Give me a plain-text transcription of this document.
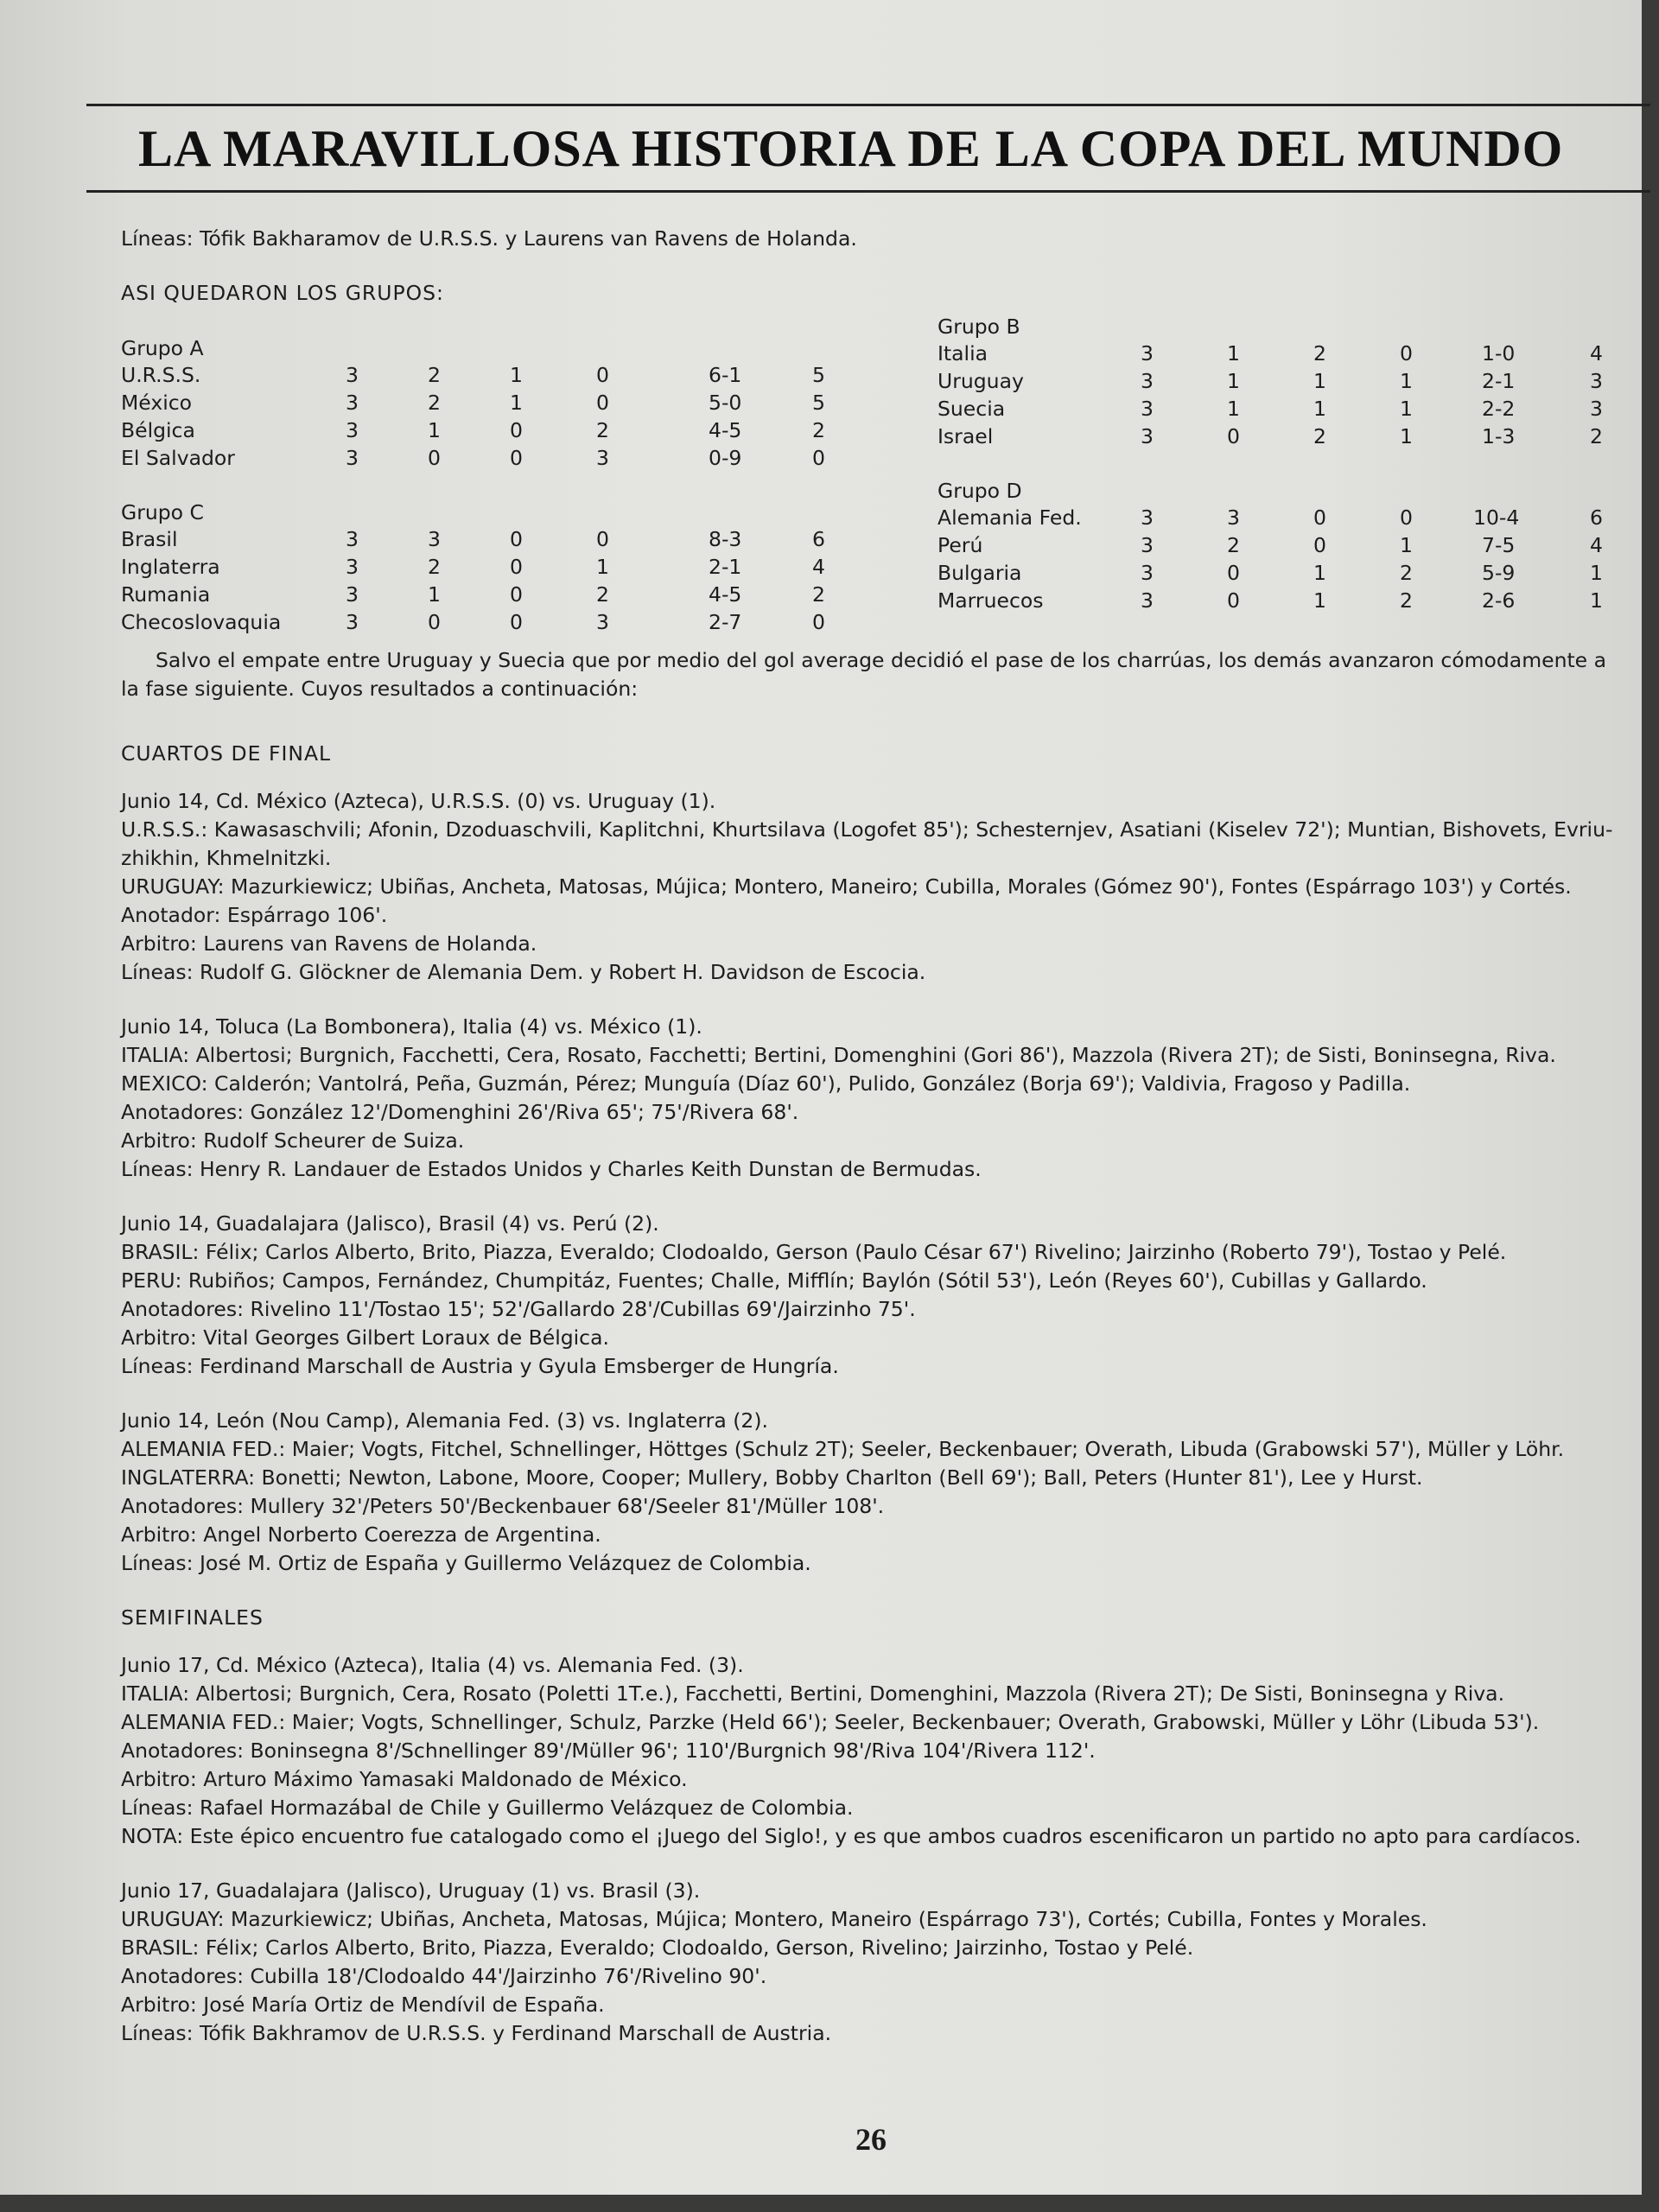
LA MARAVILLOSA HISTORIA DE LA COPA DEL MUNDO

Líneas: Tófik Bakharamov de U.R.S.S. y Laurens van Ravens de Holanda.

ASI QUEDARON LOS GRUPOS:

Grupo A
U.R.S.S.	3	2	1	0	6-1	5
México	3	2	1	0	5-0	5
Bélgica	3	1	0	2	4-5	2
El Salvador	3	0	0	3	0-9	0
Grupo B
Italia	3	1	2	0	1-0	4
Uruguay	3	1	1	1	2-1	3
Suecia	3	1	1	1	2-2	3
Israel	3	0	2	1	1-3	2
Grupo C
Brasil	3	3	0	0	8-3	6
Inglaterra	3	2	0	1	2-1	4
Rumania	3	1	0	2	4-5	2
Checoslovaquia	3	0	0	3	2-7	0
Grupo D
Alemania Fed.	3	3	0	0	10-4	6
Perú	3	2	0	1	7-5	4
Bulgaria	3	0	1	2	5-9	1
Marruecos	3	0	1	2	2-6	1

Salvo el empate entre Uruguay y Suecia que por medio del gol average decidió el pase de los charrúas, los demás avanzaron cómodamente a la fase siguiente. Cuyos resultados a continuación:

CUARTOS DE FINAL

Junio 14, Cd. México (Azteca), U.R.S.S. (0) vs. Uruguay (1).

U.R.S.S.: Kawasaschvili; Afonin, Dzoduaschvili, Kaplitchni, Khurtsilava (Logofet 85'); Schesternjev, Asatiani (Kiselev 72'); Muntian, Bishovets, Evriu-

zhikhin, Khmelnitzki.

URUGUAY: Mazurkiewicz; Ubiñas, Ancheta, Matosas, Mújica; Montero, Maneiro; Cubilla, Morales (Gómez 90'), Fontes (Espárrago 103') y Cortés.

Anotador: Espárrago 106'.

Arbitro: Laurens van Ravens de Holanda.

Líneas: Rudolf G. Glöckner de Alemania Dem. y Robert H. Davidson de Escocia.

Junio 14, Toluca (La Bombonera), Italia (4) vs. México (1).

ITALIA: Albertosi; Burgnich, Facchetti, Cera, Rosato, Facchetti; Bertini, Domenghini (Gori 86'), Mazzola (Rivera 2T); de Sisti, Boninsegna, Riva.

MEXICO: Calderón; Vantolrá, Peña, Guzmán, Pérez; Munguía (Díaz 60'), Pulido, González (Borja 69'); Valdivia, Fragoso y Padilla.

Anotadores: González 12'/Domenghini 26'/Riva 65'; 75'/Rivera 68'.

Arbitro: Rudolf Scheurer de Suiza.

Líneas: Henry R. Landauer de Estados Unidos y Charles Keith Dunstan de Bermudas.

Junio 14, Guadalajara (Jalisco), Brasil (4) vs. Perú (2).

BRASIL: Félix; Carlos Alberto, Brito, Piazza, Everaldo; Clodoaldo, Gerson (Paulo César 67') Rivelino; Jairzinho (Roberto 79'), Tostao y Pelé.

PERU: Rubiños; Campos, Fernández, Chumpitáz, Fuentes; Challe, Mifflín; Baylón (Sótil 53'), León (Reyes 60'), Cubillas y Gallardo.

Anotadores: Rivelino 11'/Tostao 15'; 52'/Gallardo 28'/Cubillas 69'/Jairzinho 75'.

Arbitro: Vital Georges Gilbert Loraux de Bélgica.

Líneas: Ferdinand Marschall de Austria y Gyula Emsberger de Hungría.

Junio 14, León (Nou Camp), Alemania Fed. (3) vs. Inglaterra (2).

ALEMANIA FED.: Maier; Vogts, Fitchel, Schnellinger, Höttges (Schulz 2T); Seeler, Beckenbauer; Overath, Libuda (Grabowski 57'), Müller y Löhr.

INGLATERRA: Bonetti; Newton, Labone, Moore, Cooper; Mullery, Bobby Charlton (Bell 69'); Ball, Peters (Hunter 81'), Lee y Hurst.

Anotadores: Mullery 32'/Peters 50'/Beckenbauer 68'/Seeler 81'/Müller 108'.

Arbitro: Angel Norberto Coerezza de Argentina.

Líneas: José M. Ortiz de España y Guillermo Velázquez de Colombia.

SEMIFINALES

Junio 17, Cd. México (Azteca), Italia (4) vs. Alemania Fed. (3).

ITALIA: Albertosi; Burgnich, Cera, Rosato (Poletti 1T.e.), Facchetti, Bertini, Domenghini, Mazzola (Rivera 2T); De Sisti, Boninsegna y Riva.

ALEMANIA FED.: Maier; Vogts, Schnellinger, Schulz, Parzke (Held 66'); Seeler, Beckenbauer; Overath, Grabowski, Müller y Löhr (Libuda 53').

Anotadores: Boninsegna 8'/Schnellinger 89'/Müller 96'; 110'/Burgnich 98'/Riva 104'/Rivera 112'.

Arbitro: Arturo Máximo Yamasaki Maldonado de México.

Líneas: Rafael Hormazábal de Chile y Guillermo Velázquez de Colombia.

NOTA: Este épico encuentro fue catalogado como el ¡Juego del Siglo!, y es que ambos cuadros escenificaron un partido no apto para cardíacos.

Junio 17, Guadalajara (Jalisco), Uruguay (1) vs. Brasil (3).

URUGUAY: Mazurkiewicz; Ubiñas, Ancheta, Matosas, Mújica; Montero, Maneiro (Espárrago 73'), Cortés; Cubilla, Fontes y Morales.

BRASIL: Félix; Carlos Alberto, Brito, Piazza, Everaldo; Clodoaldo, Gerson, Rivelino; Jairzinho, Tostao y Pelé.

Anotadores: Cubilla 18'/Clodoaldo 44'/Jairzinho 76'/Rivelino 90'.

Arbitro: José María Ortiz de Mendívil de España.

Líneas: Tófik Bakhramov de U.R.S.S. y Ferdinand Marschall de Austria.

26
